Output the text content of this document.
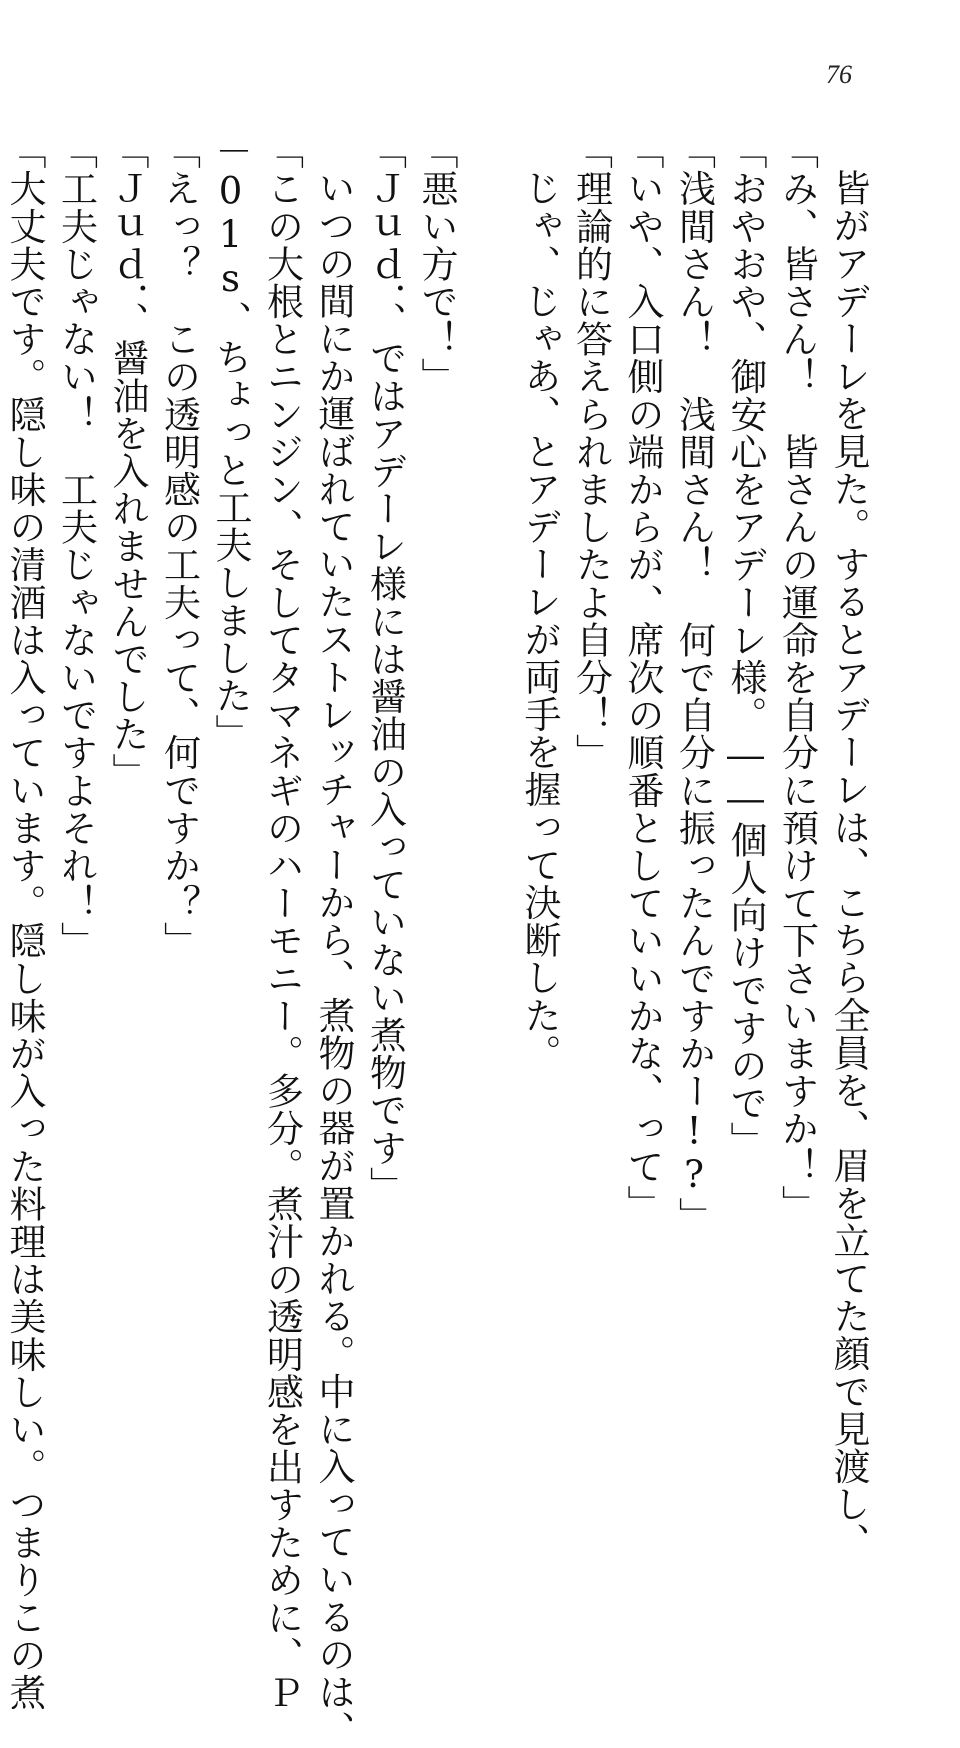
76
皆がアデーレを見た。するとアデーレは、こちら全員を、眉を立てた顔で見渡し、
「み、皆さん！　皆さんの運命を自分に預けて下さいますか！」
「おやおや、御安心をアデーレ様。――個人向けですので」
「浅間さん！　浅間さん！　何で自分に振ったんですかー!?」
「いや、入口側の端からが、席次の順番としていいかな、って」
「理論的に答えられましたよ自分！」
じゃ、じゃあ、とアデーレが両手を握って決断した。
「悪い方で！」
「Ｊｕｄ．、ではアデーレ様には醤油の入っていない煮物です」
いつの間にか運ばれていたストレッチャーから、煮物の器が置かれる。中に入っているのは、
「この大根とニンジン、そしてタマネギのハーモニー。多分。煮汁の透明感を出すために、Ｐ
－01s、ちょっと工夫しました」
「えっ？　この透明感の工夫って、何ですか？」
「Ｊｕｄ．、醤油を入れませんでした」
「工夫じゃない！　工夫じゃないですよそれ！」
「大丈夫です。隠し味の清酒は入っています。隠し味が入った料理は美味しい。つまりこの煮
